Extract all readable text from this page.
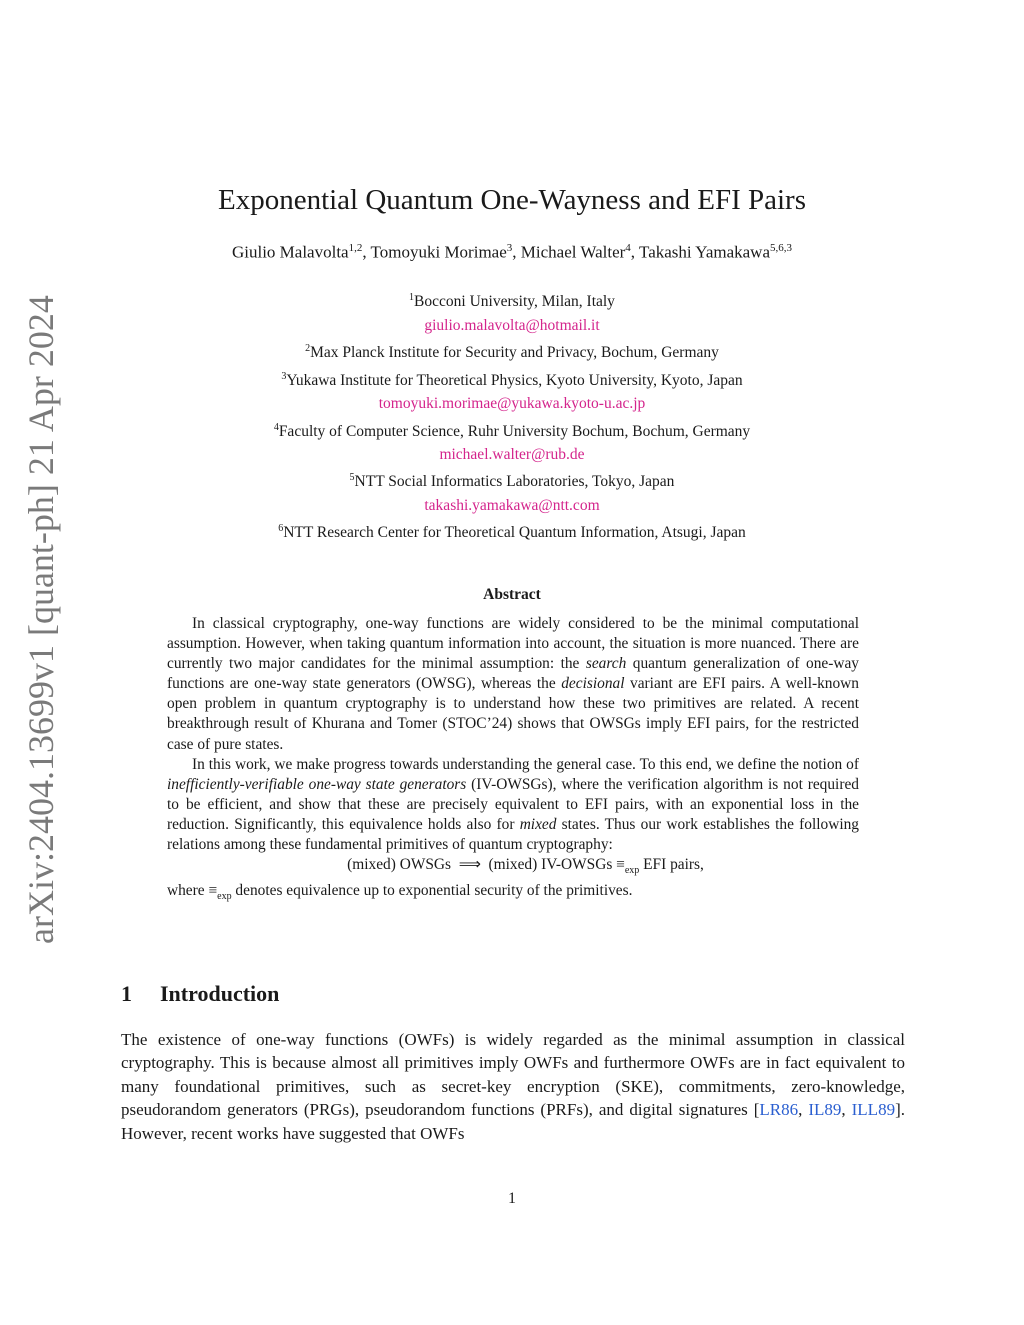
arXiv:2404.13699v1 [quant-ph] 21 Apr 2024
Exponential Quantum One-Wayness and EFI Pairs
Giulio Malavolta$^{1,2}$, Tomoyuki Morimae$^3$, Michael Walter$^4$, Takashi Yamakawa$^{5,6,3}$
$^1$Bocconi University, Milan, Italy
giulio.malavolta@hotmail.it
$^2$Max Planck Institute for Security and Privacy, Bochum, Germany
$^3$Yukawa Institute for Theoretical Physics, Kyoto University, Kyoto, Japan
tomoyuki.morimae@yukawa.kyoto-u.ac.jp
$^4$Faculty of Computer Science, Ruhr University Bochum, Bochum, Germany
michael.walter@rub.de
$^5$NTT Social Informatics Laboratories, Tokyo, Japan
takashi.yamakawa@ntt.com
$^6$NTT Research Center for Theoretical Quantum Information, Atsugi, Japan
Abstract

In classical cryptography, one-way functions are widely considered to be the minimal computational assumption. However, when taking quantum information into account, the situation is more nuanced. There are currently two major candidates for the minimal assumption: the search quantum generalization of one-way functions are one-way state generators (OWSG), whereas the decisional variant are EFI pairs. A well-known open problem in quantum cryptography is to understand how these two primitives are related. A recent breakthrough result of Khurana and Tomer (STOC’24) shows that OWSGs imply EFI pairs, for the restricted case of pure states.

In this work, we make progress towards understanding the general case. To this end, we define the notion of inefficiently-verifiable one-way state generators (IV-OWSGs), where the verification algorithm is not required to be efficient, and show that these are precisely equivalent to EFI pairs, with an exponential loss in the reduction. Significantly, this equivalence holds also for mixed states. Thus our work establishes the following relations among these fundamental primitives of quantum cryptography:

(mixed) OWSGs ⟹ (mixed) IV-OWSGs $\equiv_{exp}$ EFI pairs,

where $\equiv_{exp}$ denotes equivalence up to exponential security of the primitives.

1 Introduction

The existence of one-way functions (OWFs) is widely regarded as the minimal assumption in classical cryptography. This is because almost all primitives imply OWFs and furthermore OWFs are in fact equivalent to many foundational primitives, such as secret-key encryption (SKE), commitments, zero-knowledge, pseudorandom generators (PRGs), pseudorandom functions (PRFs), and digital signatures [LR86, IL89, ILL89]. However, recent works have suggested that OWFs

1
